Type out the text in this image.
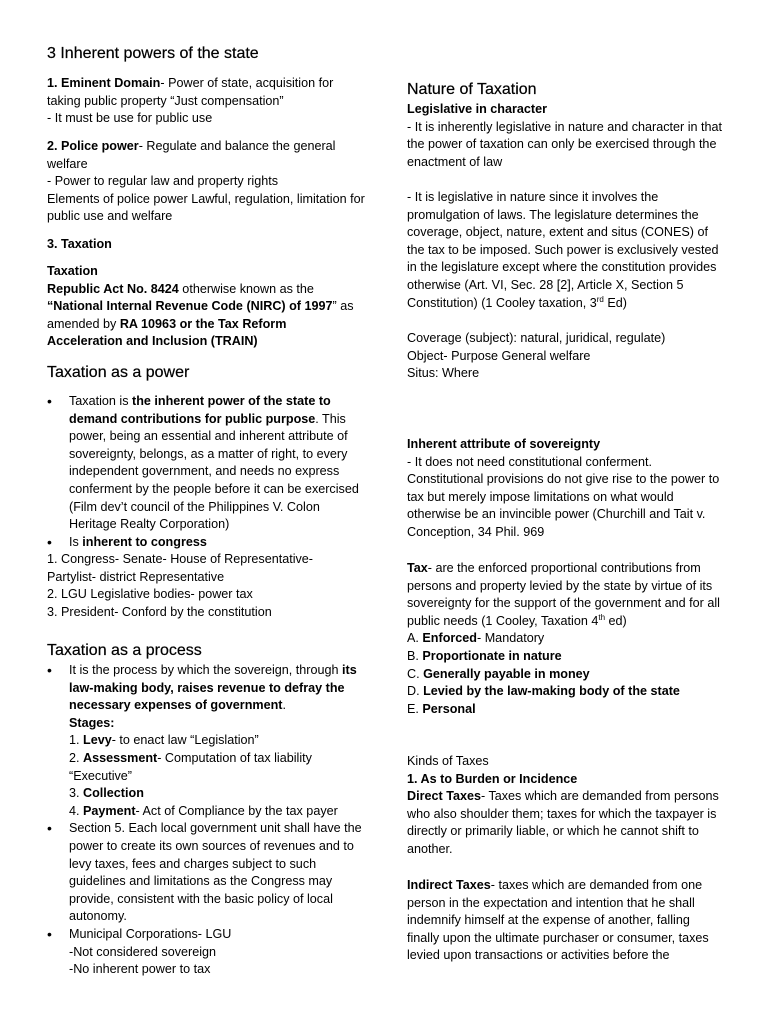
3 Inherent powers of the state

1. Eminent Domain- Power of state, acquisition for taking public property “Just compensation”

- It must be use for public use

2. Police power- Regulate and balance the general welfare

- Power to regular law and property rights

Elements of police power Lawful, regulation, limitation for public use and welfare

3. Taxation

Taxation

Republic Act No. 8424 otherwise known as the “National Internal Revenue Code (NIRC) of 1997” as amended by RA 10963 or the Tax Reform Acceleration and Inclusion (TRAIN)

Taxation as a power
• Taxation is the inherent power of the state to demand contributions for public purpose. This power, being an essential and inherent attribute of sovereignty, belongs, as a matter of right, to every independent government, and needs no express conferment by the people before it can be exercised (Film dev’t council of the Philippines V. Colon Heritage Realty Corporation)
• Is inherent to congress

1. Congress- Senate- House of Representative- Partylist- district Representative

2. LGU Legislative bodies- power tax

3. President- Conford by the constitution

Taxation as a process
• It is the process by which the sovereign, through its law-making body, raises revenue to defray the necessary expenses of government.

Stages:

1. Levy- to enact law “Legislation”

2. Assessment- Computation of tax liability “Executive”

3. Collection

4. Payment- Act of Compliance by the tax payer

• Section 5. Each local government unit shall have the power to create its own sources of revenues and to levy taxes, fees and charges subject to such guidelines and limitations as the Congress may provide, consistent with the basic policy of local autonomy.
• Municipal Corporations- LGU

-Not considered sovereign

-No inherent power to tax

Nature of Taxation

Legislative in character

- It is inherently legislative in nature and character in that the power of taxation can only be exercised through the enactment of law

- It is legislative in nature since it involves the promulgation of laws. The legislature determines the coverage, object, nature, extent and situs (CONES) of the tax to be imposed. Such power is exclusively vested in the legislature except where the constitution provides otherwise (Art. VI, Sec. 28 [2], Article X, Section 5 Constitution) (1 Cooley taxation, 3rd Ed)

Coverage (subject): natural, juridical, regulate)

Object- Purpose General welfare

Situs: Where

Inherent attribute of sovereignty

- It does not need constitutional conferment. Constitutional provisions do not give rise to the power to tax but merely impose limitations on what would otherwise be an invincible power (Churchill and Tait v. Conception, 34 Phil. 969

Tax- are the enforced proportional contributions from persons and property levied by the state by virtue of its sovereignty for the support of the government and for all public needs (1 Cooley, Taxation 4th ed)

A. Enforced- Mandatory

B. Proportionate in nature

C. Generally payable in money

D. Levied by the law-making body of the state

E. Personal

Kinds of Taxes

1. As to Burden or Incidence

Direct Taxes- Taxes which are demanded from persons who also shoulder them; taxes for which the taxpayer is directly or primarily liable, or which he cannot shift to another.

Indirect Taxes- taxes which are demanded from one person in the expectation and intention that he shall indemnify himself at the expense of another, falling finally upon the ultimate purchaser or consumer, taxes levied upon transactions or activities before the
